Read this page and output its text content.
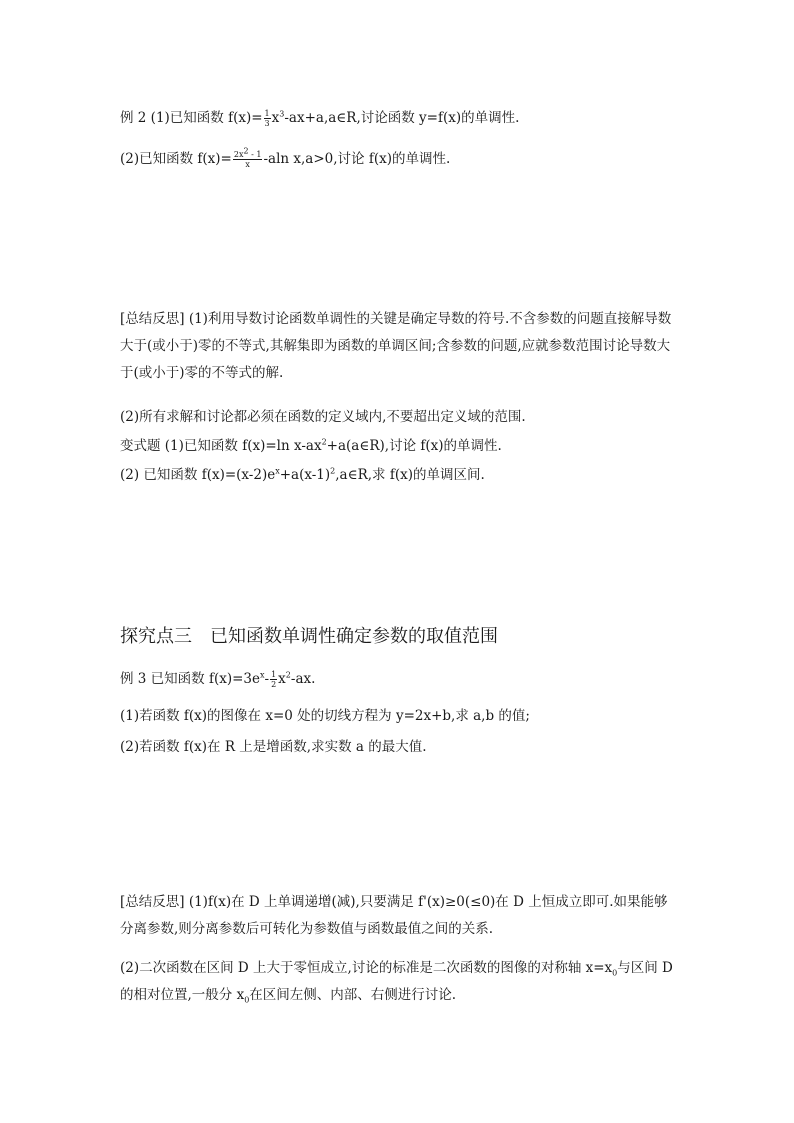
例 2 (1)已知函数 $f(x)= \frac{1}{3}$ $x^3-ax+a,a\in R$,讨论函数 y=f(x)的单调性.
(2)已知函数 $f(x)= \frac{2x^2 - 1}{x} -aln$ x,a>0,讨论 f(x)的单调性.

[总结反思] (1)利用导数讨论函数单调性的关键是确定导数的符号.不含参数的问题直接解导数大于(或小于)零的不等式,其解集即为函数的单调区间;含参数的问题,应就参数范围讨论导数大于(或小于)零的不等式的解.

(2)所有求解和讨论都必须在函数的定义域内,不要超出定义域的范围.
变式题 (1)已知函数 f(x)=ln $x-ax^2+a(a\in R)$,讨论 f(x)的单调性.
(2) 已知函数 $f(x)=(x-2)e^x+a(x-1)^2,a\in R$,求 f(x)的单调区间.
探究点三　已知函数单调性确定参数的取值范围
例 3 已知函数 $f(x)=3e^x- \frac{1}{2} x^2-ax$.
(1)若函数 f(x)的图像在 x=0 处的切线方程为 y=2x+b,求 a,b 的值;
(2)若函数 f(x)在 R 上是增函数,求实数 a 的最大值.

[总结反思] (1)f(x)在 D 上单调递增(减),只要满足 f'(x)≥0(≤0)在 D 上恒成立即可.如果能够分离参数,则分离参数后可转化为参数值与函数最值之间的关系.

(2)二次函数在区间 D 上大于零恒成立,讨论的标准是二次函数的图像的对称轴 $x=x_0$与区间 D 的相对位置,一般分 $x_0$在区间左侧、内部、右侧进行讨论.
